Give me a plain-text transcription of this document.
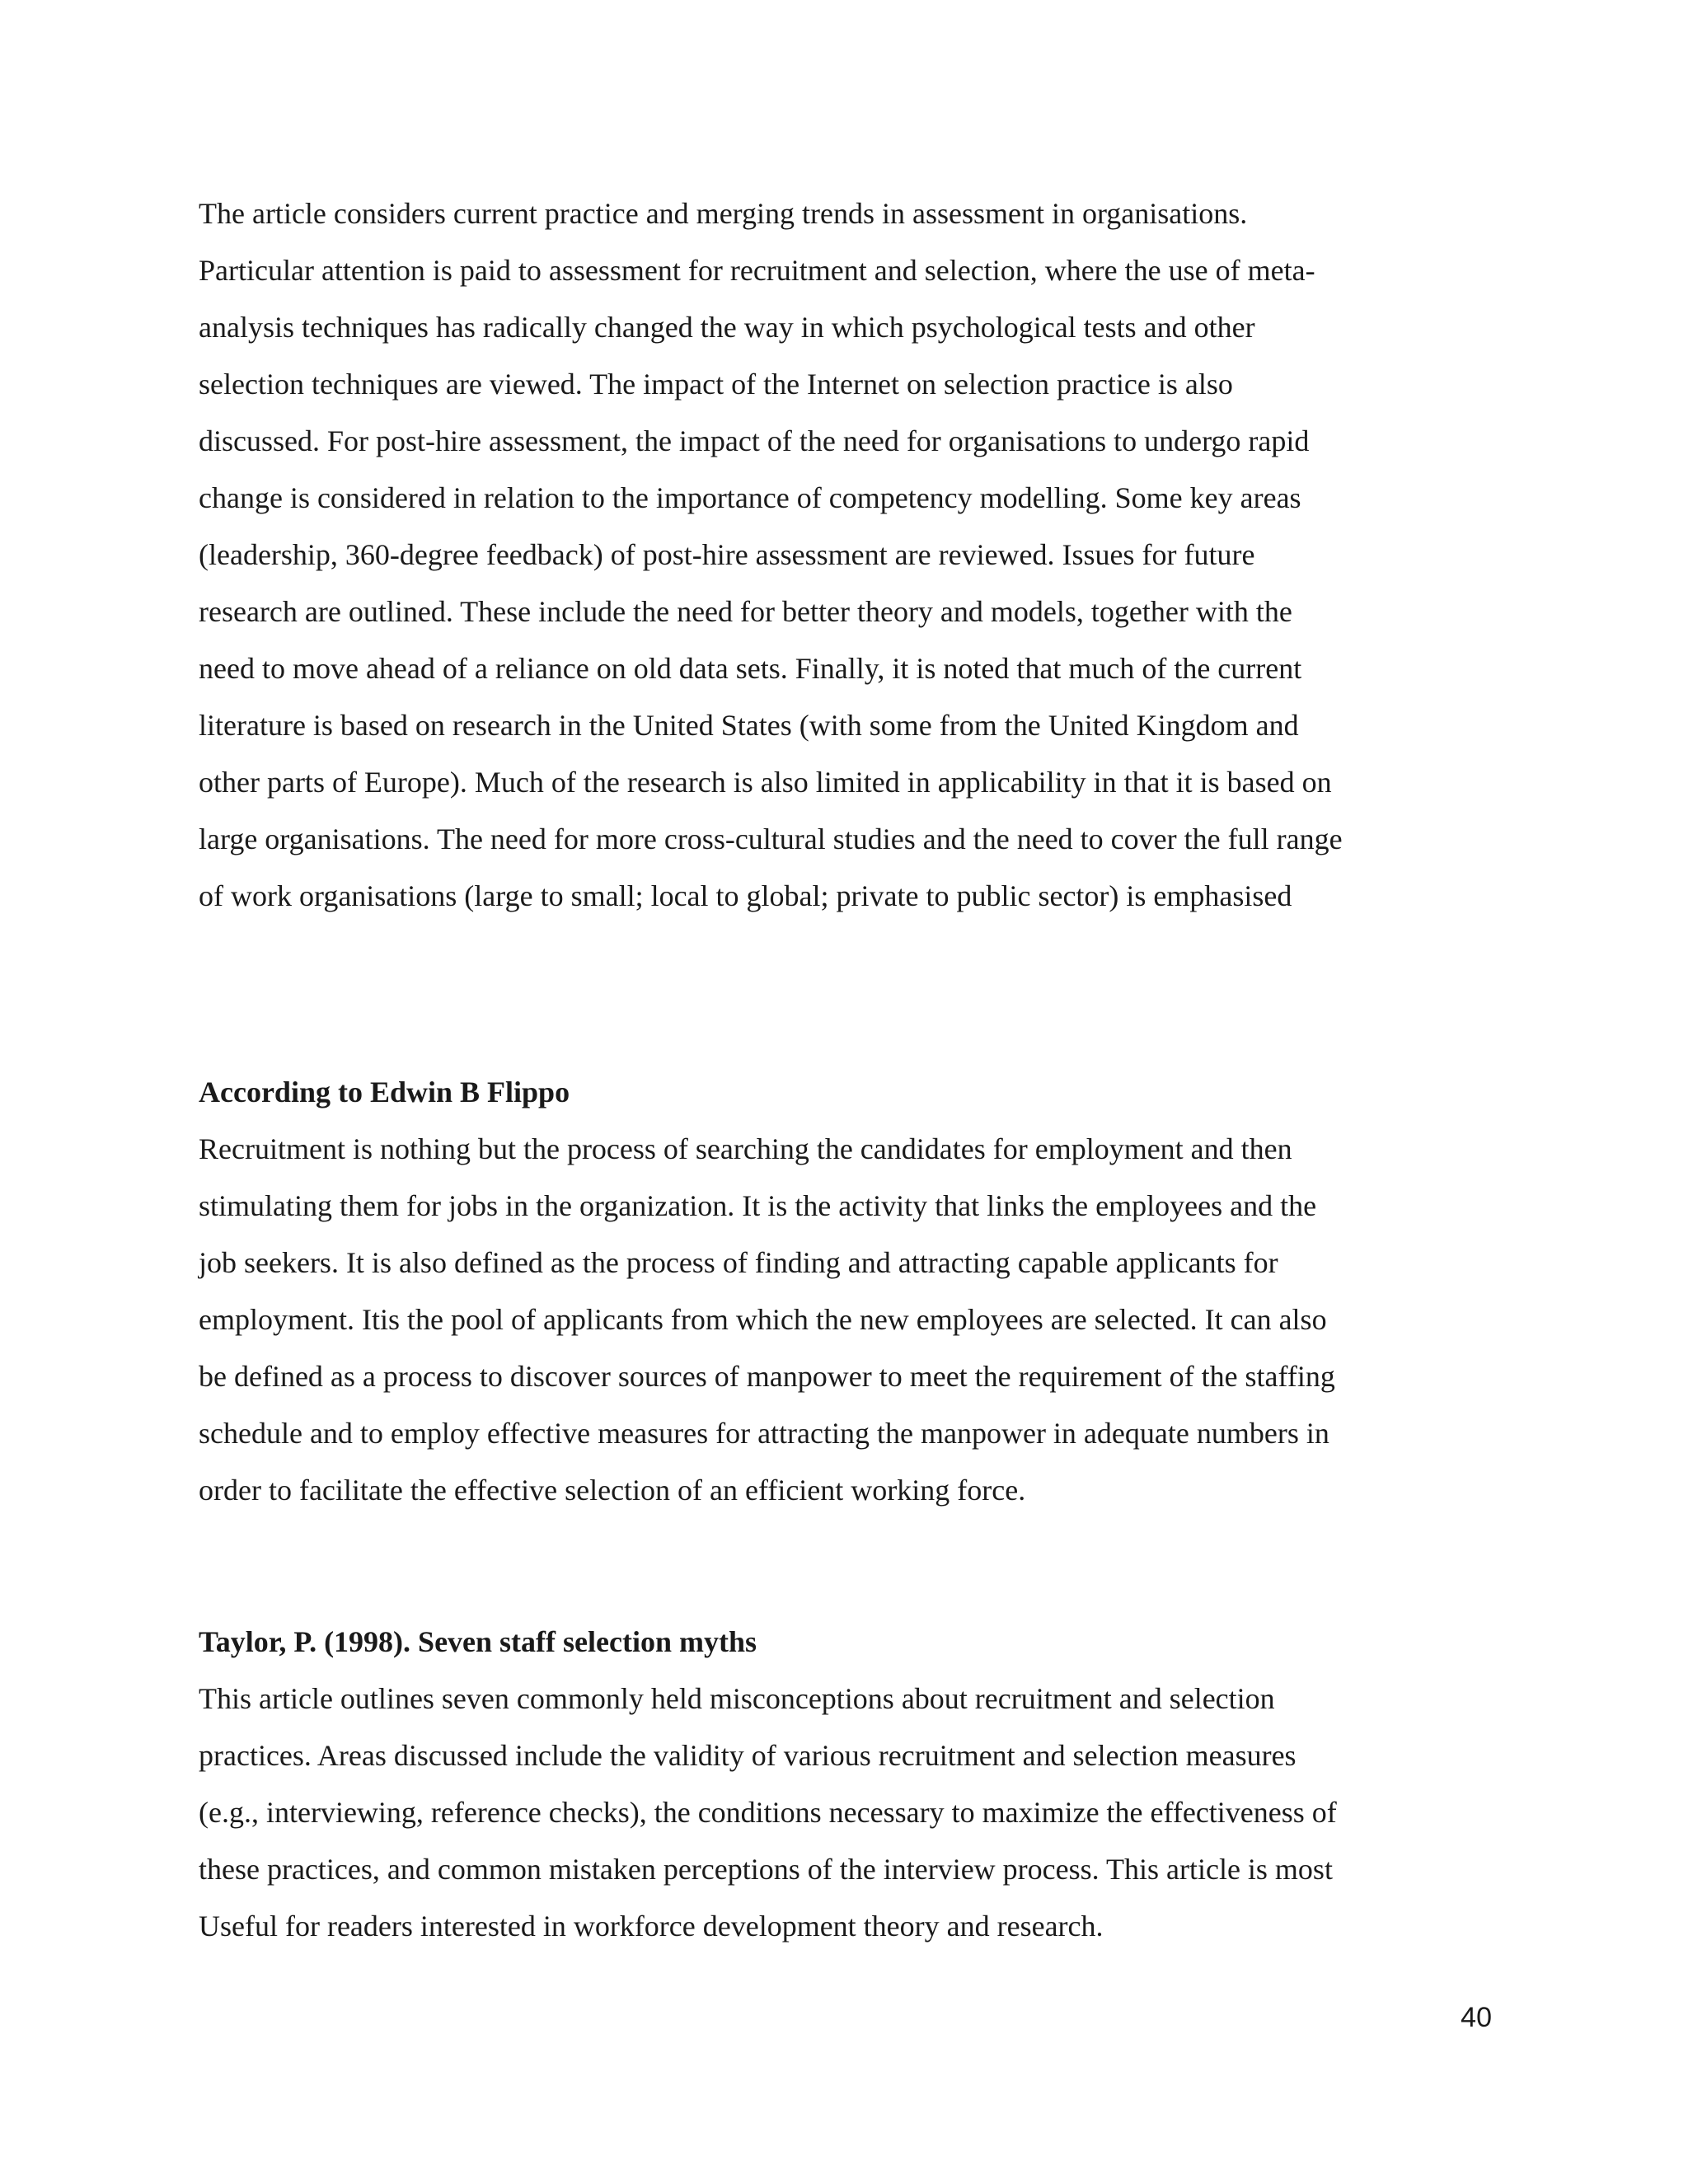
The article considers current practice and merging trends in assessment in organisations.
Particular attention is paid to assessment for recruitment and selection, where the use of meta-
analysis techniques has radically changed the way in which psychological tests and other
selection techniques are viewed. The impact of the Internet on selection practice is also
discussed. For post-hire assessment, the impact of the need for organisations to undergo rapid
change is considered in relation to the importance of competency modelling. Some key areas
(leadership, 360-degree feedback) of post-hire assessment are reviewed. Issues for future
research are outlined. These include the need for better theory and models, together with the
need to move ahead of a reliance on old data sets. Finally, it is noted that much of the current
literature is based on research in the United States (with some from the United Kingdom and
other parts of Europe). Much of the research is also limited in applicability in that it is based on
large organisations. The need for more cross-cultural studies and the need to cover the full range
of work organisations (large to small; local to global; private to public sector) is emphasised

According to Edwin B Flippo

Recruitment is nothing but the process of searching the candidates for employment and then
stimulating them for jobs in the organization. It is the activity that links the employees and the
job seekers. It is also defined as the process of finding and attracting capable applicants for
employment. Itis the pool of applicants from which the new employees are selected. It can also
be defined as a process to discover sources of manpower to meet the requirement of the staffing
schedule and to employ effective measures for attracting the manpower in adequate numbers in
order to facilitate the effective selection of an efficient working force.

Taylor, P. (1998). Seven staff selection myths

This article outlines seven commonly held misconceptions about recruitment and selection
practices. Areas discussed include the validity of various recruitment and selection measures
(e.g., interviewing, reference checks), the conditions necessary to maximize the effectiveness of
these practices, and common mistaken perceptions of the interview process. This article is most
Useful for readers interested in workforce development theory and research.

40
